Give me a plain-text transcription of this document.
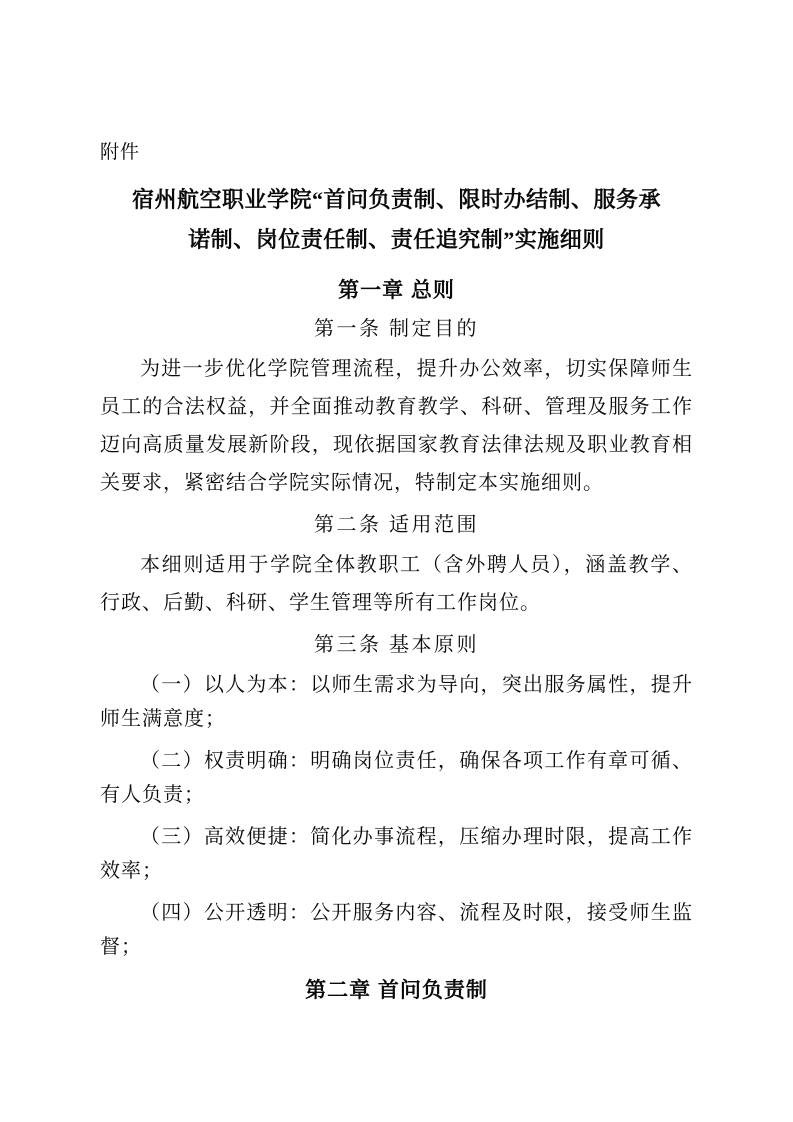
附件
宿州航空职业学院“首问负责制、限时办结制、服务承
诺制、岗位责任制、责任追究制”实施细则
第一章 总则
第一条 制定目的

为进一步优化学院管理流程，提升办公效率，切实保障师生员工的合法权益，并全面推动教育教学、科研、管理及服务工作迈向高质量发展新阶段，现依据国家教育法律法规及职业教育相关要求，紧密结合学院实际情况，特制定本实施细则。

第二条 适用范围

本细则适用于学院全体教职工（含外聘人员），涵盖教学、行政、后勤、科研、学生管理等所有工作岗位。

第三条 基本原则

（一）以人为本：以师生需求为导向，突出服务属性，提升师生满意度；

（二）权责明确：明确岗位责任，确保各项工作有章可循、有人负责；

（三）高效便捷：简化办事流程，压缩办理时限，提高工作效率；

（四）公开透明：公开服务内容、流程及时限，接受师生监督；

第二章 首问负责制
